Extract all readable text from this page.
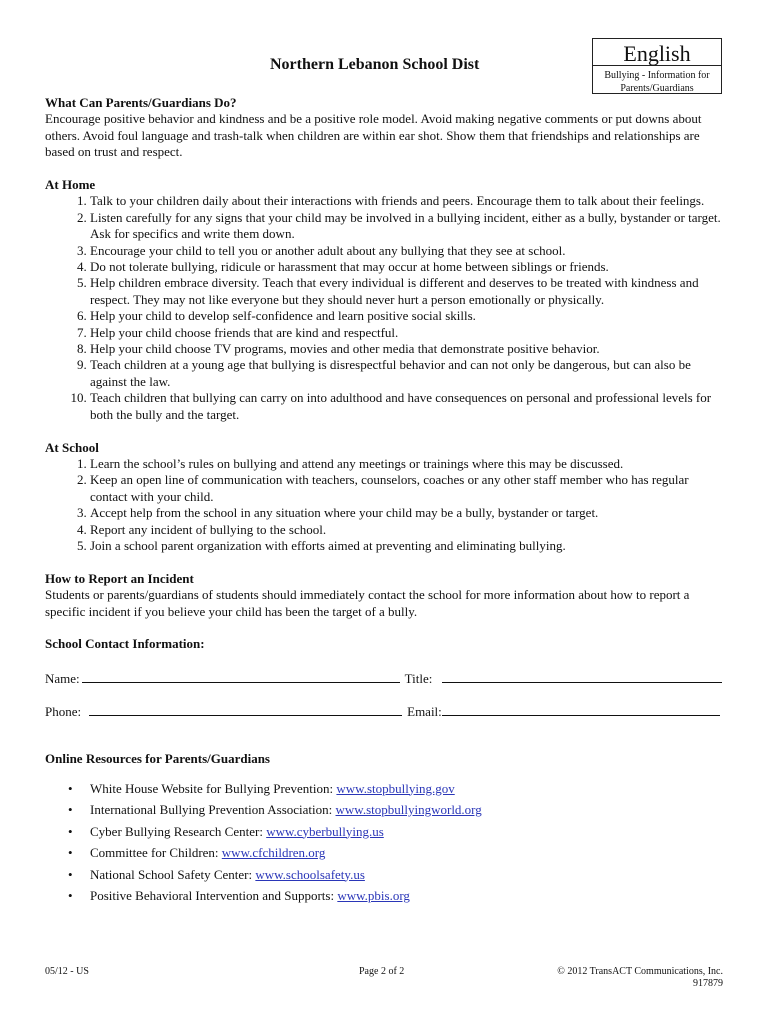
Northern Lebanon School Dist	English
Bullying - Information for
Parents/Guardians
What Can Parents/Guardians Do?

Encourage positive behavior and kindness and be a positive role model. Avoid making negative comments or put downs about others. Avoid foul language and trash-talk when children are within ear shot. Show them that friendships and relationships are based on trust and respect.

At Home
1. Talk to your children daily about their interactions with friends and peers. Encourage them to talk about their feelings.
2. Listen carefully for any signs that your child may be involved in a bullying incident, either as a bully, bystander or target. Ask for specifics and write them down.
3. Encourage your child to tell you or another adult about any bullying that they see at school.
4. Do not tolerate bullying, ridicule or harassment that may occur at home between siblings or friends.
5. Help children embrace diversity. Teach that every individual is different and deserves to be treated with kindness and respect. They may not like everyone but they should never hurt a person emotionally or physically.
6. Help your child to develop self-confidence and learn positive social skills.
7. Help your child choose friends that are kind and respectful.
8. Help your child choose TV programs, movies and other media that demonstrate positive behavior.
9. Teach children at a young age that bullying is disrespectful behavior and can not only be dangerous, but can also be against the law.
10. Teach children that bullying can carry on into adulthood and have consequences on personal and professional levels for both the bully and the target.
At School
1. Learn the school’s rules on bullying and attend any meetings or trainings where this may be discussed.
2. Keep an open line of communication with teachers, counselors, coaches or any other staff member who has regular contact with your child.
3. Accept help from the school in any situation where your child may be a bully, bystander or target.
4. Report any incident of bullying to the school.
5. Join a school parent organization with efforts aimed at preventing and eliminating bullying.
How to Report an Incident

Students or parents/guardians of students should immediately contact the school for more information about how to report a specific incident if you believe your child has been the target of a bully.

School Contact Information:
Name:	Title:
Phone:	Email:
Online Resources for Parents/Guardians
• White House Website for Bullying Prevention: www.stopbullying.gov
• International Bullying Prevention Association: www.stopbullyingworld.org
• Cyber Bullying Research Center: www.cyberbullying.us
• Committee for Children: www.cfchildren.org
• National School Safety Center: www.schoolsafety.us
• Positive Behavioral Intervention and Supports: www.pbis.org
05/12 - US	Page 2 of 2	© 2012 TransACT Communications, Inc.
917879
